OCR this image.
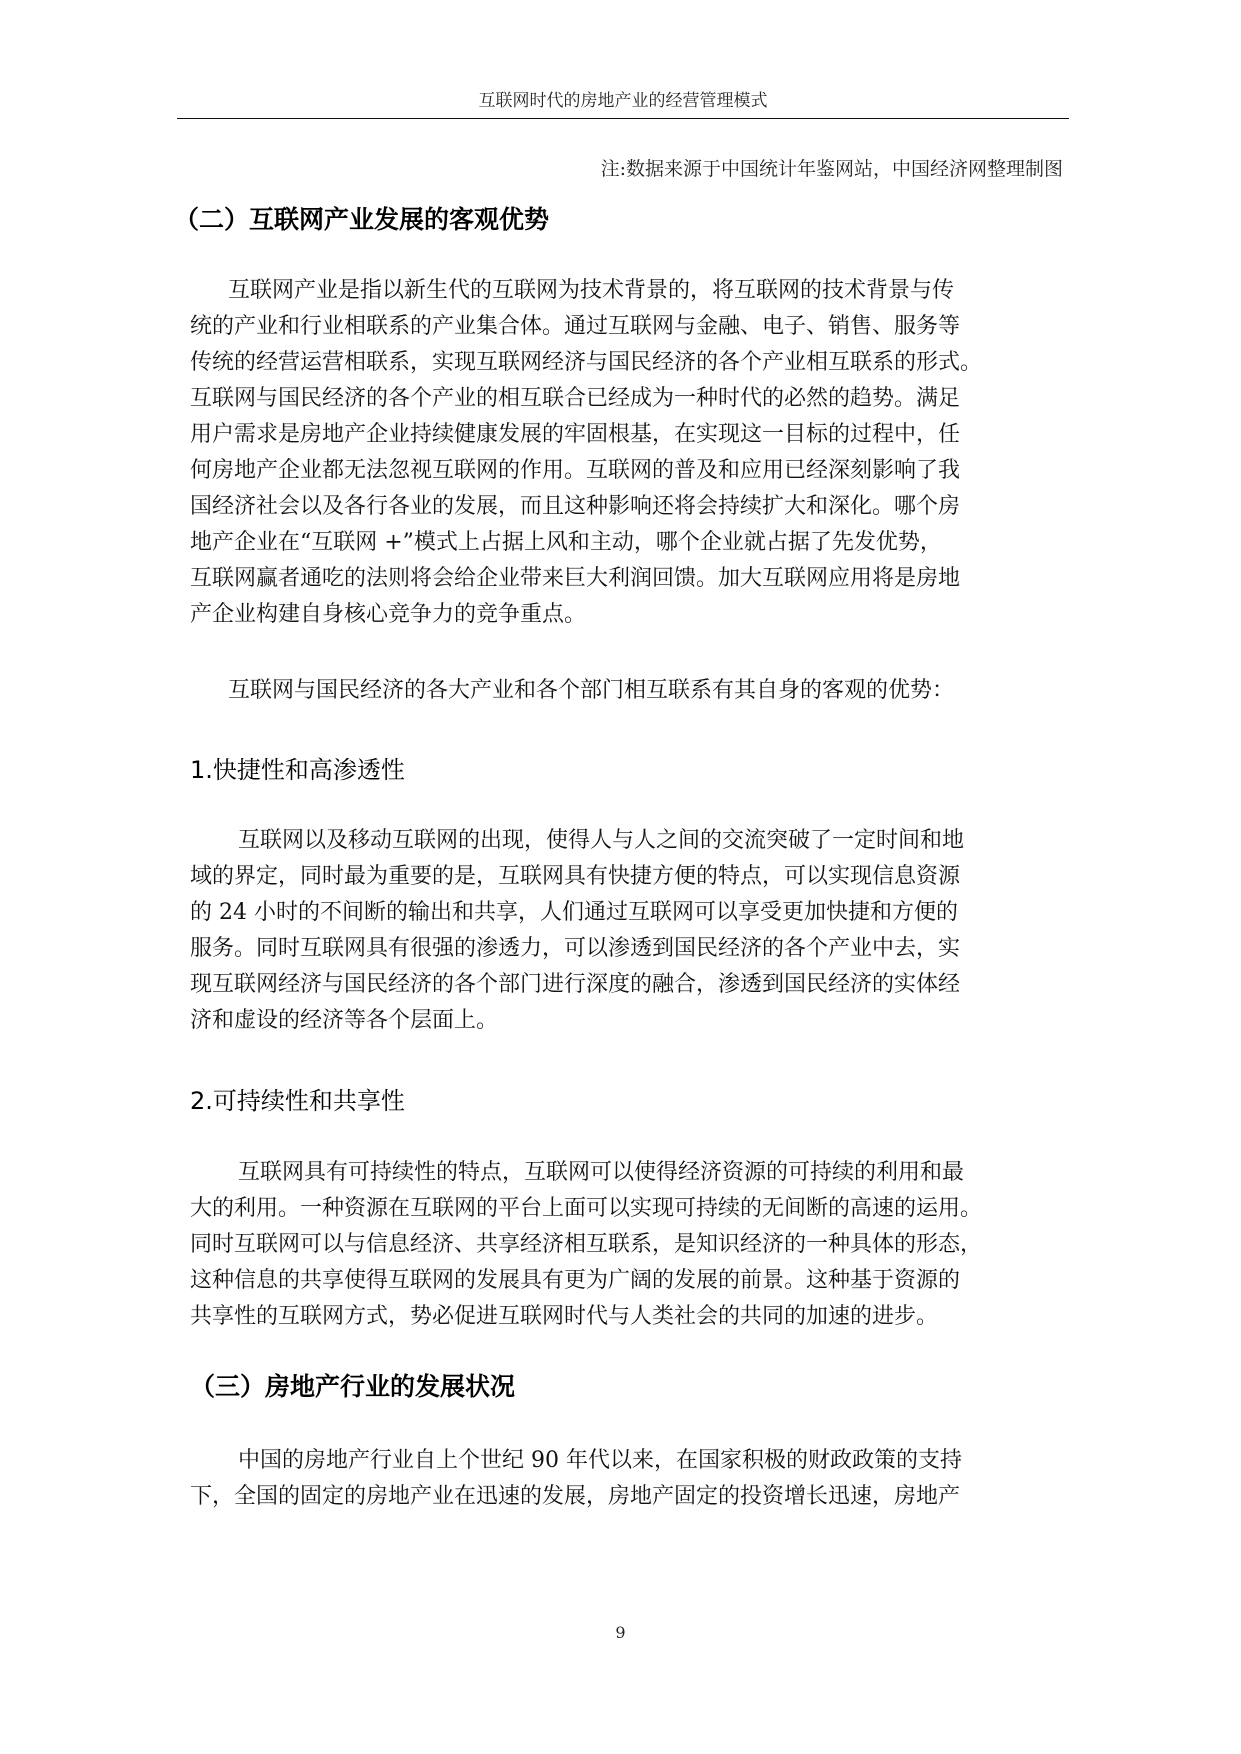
互联网时代的房地产业的经营管理模式
注:数据来源于中国统计年鉴网站，中国经济网整理制图
（二）互联网产业发展的客观优势
互联网产业是指以新生代的互联网为技术背景的，将互联网的技术背景与传
统的产业和行业相联系的产业集合体。通过互联网与金融、电子、销售、服务等
传统的经营运营相联系，实现互联网经济与国民经济的各个产业相互联系的形式。
互联网与国民经济的各个产业的相互联合已经成为一种时代的必然的趋势。满足
用户需求是房地产企业持续健康发展的牢固根基，在实现这一目标的过程中，任
何房地产企业都无法忽视互联网的作用。互联网的普及和应用已经深刻影响了我
国经济社会以及各行各业的发展，而且这种影响还将会持续扩大和深化。哪个房
地产企业在“互联网 +”模式上占据上风和主动，哪个企业就占据了先发优势，
互联网赢者通吃的法则将会给企业带来巨大利润回馈。加大互联网应用将是房地
产企业构建自身核心竞争力的竞争重点。
互联网与国民经济的各大产业和各个部门相互联系有其自身的客观的优势：
1.快捷性和高渗透性
互联网以及移动互联网的出现，使得人与人之间的交流突破了一定时间和地
域的界定，同时最为重要的是，互联网具有快捷方便的特点，可以实现信息资源
的 24 小时的不间断的输出和共享，人们通过互联网可以享受更加快捷和方便的
服务。同时互联网具有很强的渗透力，可以渗透到国民经济的各个产业中去，实
现互联网经济与国民经济的各个部门进行深度的融合，渗透到国民经济的实体经
济和虚设的经济等各个层面上。
2.可持续性和共享性
互联网具有可持续性的特点，互联网可以使得经济资源的可持续的利用和最
大的利用。一种资源在互联网的平台上面可以实现可持续的无间断的高速的运用。
同时互联网可以与信息经济、共享经济相互联系，是知识经济的一种具体的形态，
这种信息的共享使得互联网的发展具有更为广阔的发展的前景。这种基于资源的
共享性的互联网方式，势必促进互联网时代与人类社会的共同的加速的进步。
（三）房地产行业的发展状况
中国的房地产行业自上个世纪 90 年代以来，在国家积极的财政政策的支持
下，全国的固定的房地产业在迅速的发展，房地产固定的投资增长迅速，房地产
9
